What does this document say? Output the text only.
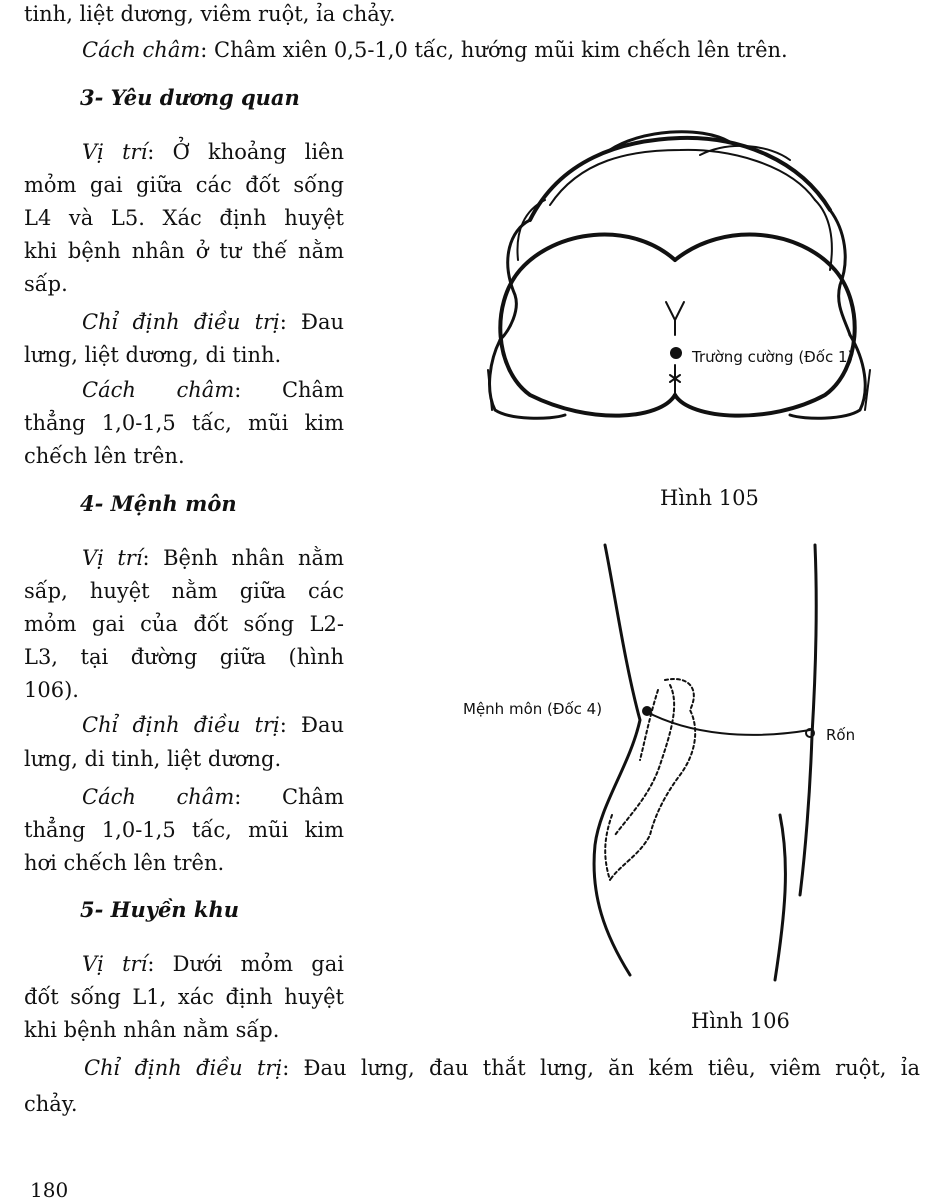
tinh, liệt dương, viêm ruột, ỉa chảy.
Cách châm: Châm xiên 0,5-1,0 tấc, hướng mũi kim chếch lên trên.
3- Yêu dương quan
Vị trí: Ở khoảng liên
mỏm gai giữa các đốt sống
L4 và L5. Xác định huyệt
khi bệnh nhân ở tư thế nằm
sấp.
Chỉ định điều trị: Đau
lưng, liệt dương, di tinh.
Cách châm: Châm
thẳng 1,0-1,5 tấc, mũi kim
chếch lên trên.
4- Mệnh môn
Vị trí: Bệnh nhân nằm
sấp, huyệt nằm giữa các
mỏm gai của đốt sống L2-
L3, tại đường giữa (hình
106).
Chỉ định điều trị: Đau
lưng, di tinh, liệt dương.
Cách châm: Châm
thẳng 1,0-1,5 tấc, mũi kim
hơi chếch lên trên.
5- Huyền khu
Vị trí: Dưới mỏm gai
đốt sống L1, xác định huyệt
khi bệnh nhân nằm sấp.
Chỉ định điều trị: Đau lưng, đau thắt lưng, ăn kém tiêu, viêm ruột, ỉa
chảy.
180
Trường cường (Đốc 1)
Hình 105
Mệnh môn (Đốc 4)
Rốn
Hình 106
